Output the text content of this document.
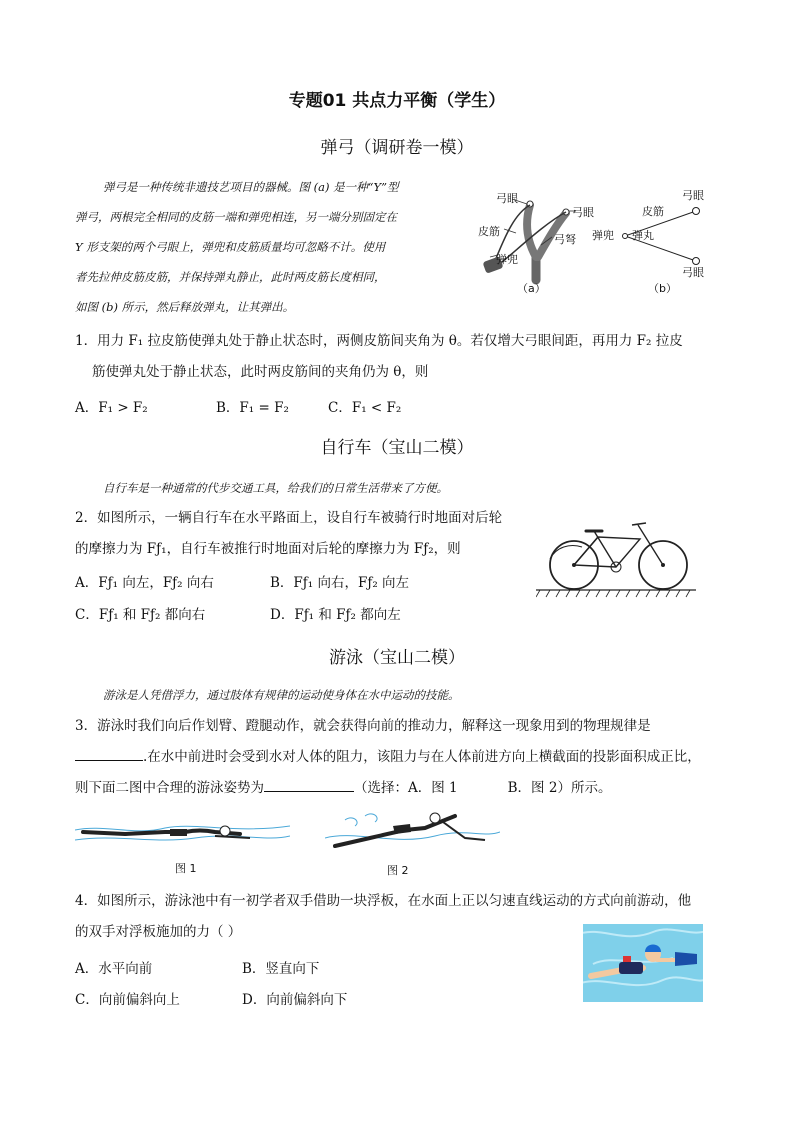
专题01 共点力平衡（学生）
弹弓（调研卷一模）
弹弓是一种传统非遗技艺项目的器械。图 (a) 是一种“Y”型
弹弓，两根完全相同的皮筋一端和弹兜相连，另一端分别固定在
Y 形支架的两个弓眼上，弹兜和皮筋质量均可忽略不计。使用
者先拉伸皮筋皮筋，并保持弹丸静止，此时两皮筋长度相同，
如图 (b) 所示，然后释放弹丸，让其弹出。
弓眼
弓眼
皮筋
弓弩
弹兜
（a）
弓眼
皮筋
弹兜 弹丸
弓眼
（b）
1．用力 F₁ 拉皮筋使弹丸处于静止状态时，两侧皮筋间夹角为 θ。若仅增大弓眼间距，再用力 F₂ 拉皮
筋使弹丸处于静止状态，此时两皮筋间的夹角仍为 θ，则
A．F₁ > F₂	B．F₁ = F₂	C．F₁ < F₂
自行车（宝山二模）
自行车是一种通常的代步交通工具，给我们的日常生活带来了方便。
2．如图所示，一辆自行车在水平路面上，设自行车被骑行时地面对后轮
的摩擦力为 Fƒ₁，自行车被推行时地面对后轮的摩擦力为 Fƒ₂，则
A．Fƒ₁ 向左，Fƒ₂ 向右	B．Fƒ₁ 向右，Fƒ₂ 向左
C．Fƒ₁ 和 Fƒ₂ 都向右	D．Fƒ₁ 和 Fƒ₂ 都向左
游泳（宝山二模）
游泳是人凭借浮力，通过肢体有规律的运动使身体在水中运动的技能。
3．游泳时我们向后作划臂、蹬腿动作，就会获得向前的推动力，解释这一现象用到的物理规律是
.在水中前进时会受到水对人体的阻力，该阻力与在人体前进方向上横截面的投影面积成正比，
则下面二图中合理的游泳姿势为	（选择：A．图 1	B．图 2）所示。
图 1	图 2
4．如图所示，游泳池中有一初学者双手借助一块浮板，在水面上正以匀速直线运动的方式向前游动，他
的双手对浮板施加的力（ ）
A．水平向前	B．竖直向下
C．向前偏斜向上	D．向前偏斜向下
